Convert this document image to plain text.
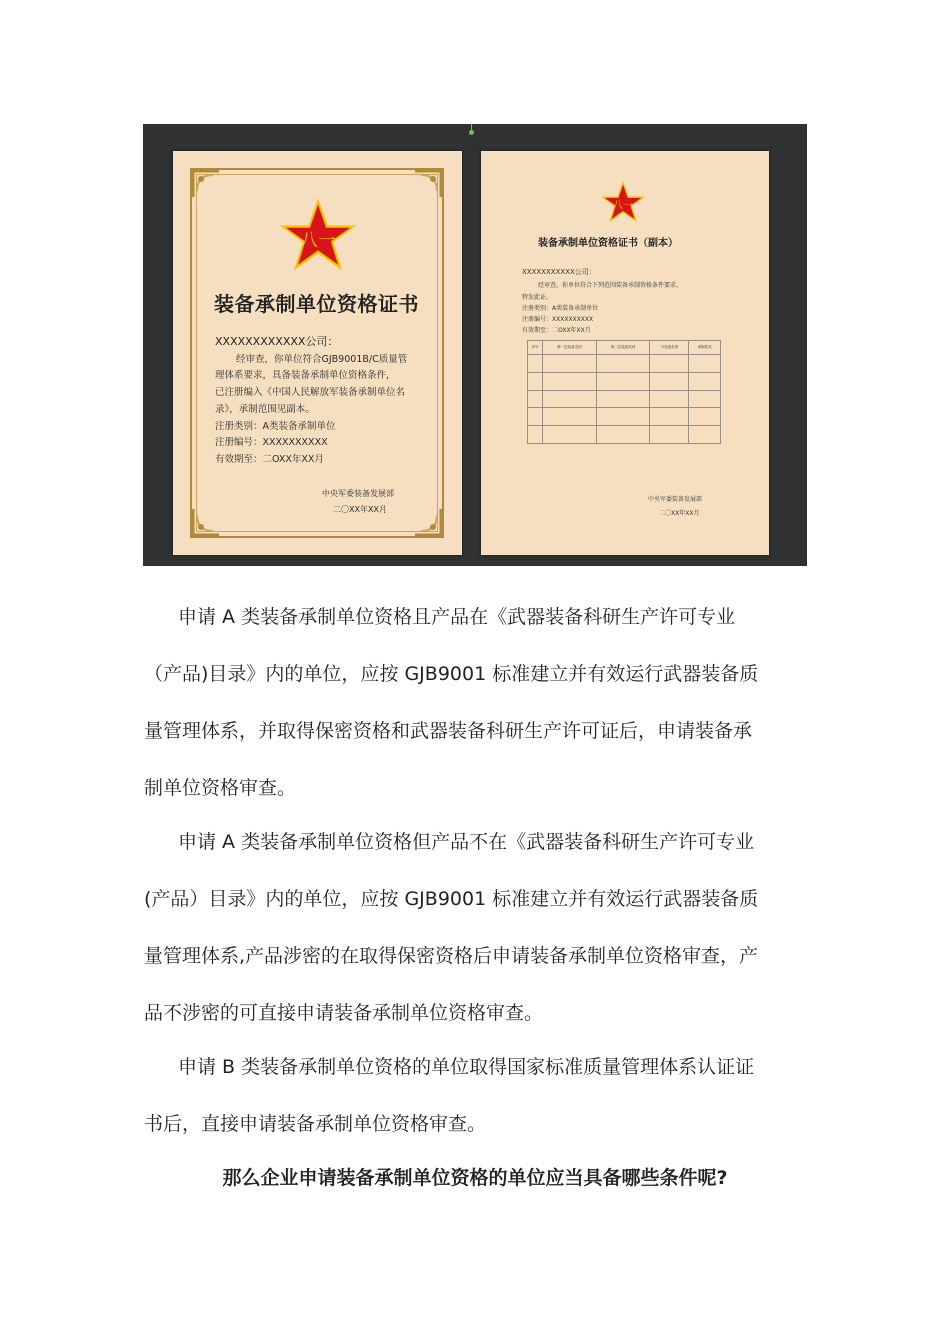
八一
装备承制单位资格证书
XXXXXXXXXXXX公司：
经审查，你单位符合GJB9001B/C质量管
理体系要求，具备装备承制单位资格条件，
已注册编入《中国人民解放军装备承制单位名
录》，承制范围见副本。
注册类别：A类装备承制单位
注册编号：XXXXXXXXXX
有效期至：二OXX年XX月
中央军委装备发展部
二〇XX年XX月
八一
装备承制单位资格证书（副本）
XXXXXXXXXXX公司：
经审查，你单位符合下列范围装备承制资格条件要求，
特发此证。
注册类别：A类装备承制单位
注册编号：XXXXXXXXXX
有效期至：二OXX年XX月
序号	第一层装备类别	第二层装备类别	分类级类别	承制性质

中央军委装备发展部
二〇XX年XX月
申请 A 类装备承制单位资格且产品在《武器装备科研生产许可专业
（产品)目录》内的单位，应按 GJB9001 标准建立并有效运行武器装备质
量管理体系，并取得保密资格和武器装备科研生产许可证后，申请装备承
制单位资格审查。
申请 A 类装备承制单位资格但产品不在《武器装备科研生产许可专业
(产品）目录》内的单位，应按 GJB9001 标准建立并有效运行武器装备质
量管理体系,产品涉密的在取得保密资格后申请装备承制单位资格审查，产
品不涉密的可直接申请装备承制单位资格审查。
申请 B 类装备承制单位资格的单位取得国家标准质量管理体系认证证
书后，直接申请装备承制单位资格审查。
那么企业申请装备承制单位资格的单位应当具备哪些条件呢?
